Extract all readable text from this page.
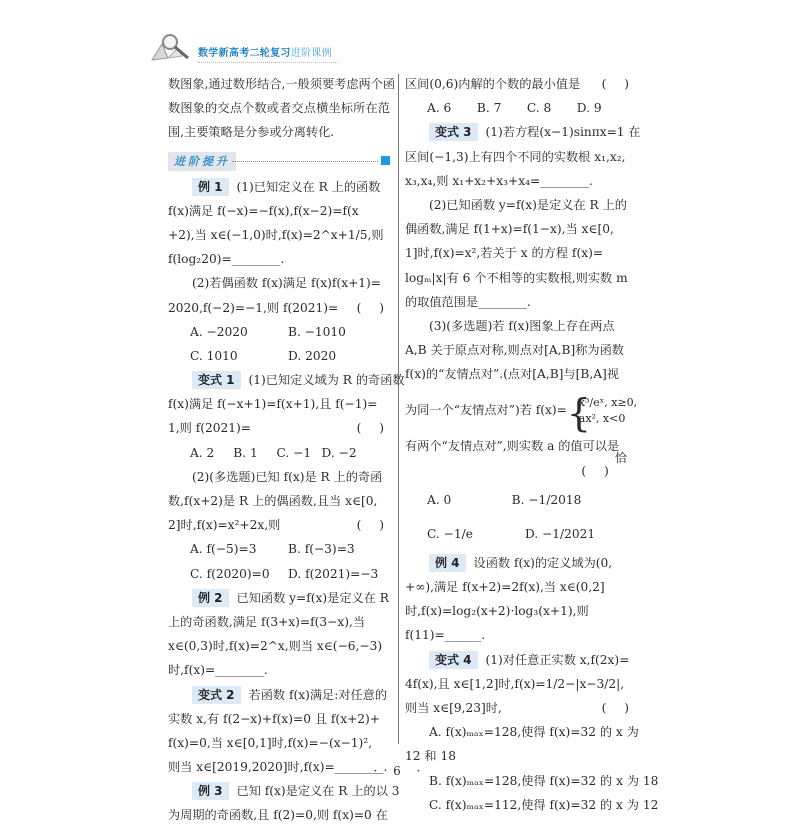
数学新高考二轮复习进阶课例
数图象,通过数形结合,一般须要考虑两个函
数图象的交点个数或者交点横坐标所在范
围,主要策略是分参或分离转化.
进阶提升
例 1 (1)已知定义在 R 上的函数
f(x)满足 f(−x)=−f(x),f(x−2)=f(x
+2),当 x∈(−1,0)时,f(x)=2^x+1/5,则
f(log₂20)=________.
(2)若偶函数 f(x)满足 f(x)f(x+1)=
2020,f(−2)=−1,则 f(2021)= ( )
A. −2020	B. −1010
C. 1010	D. 2020
变式 1 (1)已知定义域为 R 的奇函数
f(x)满足 f(−x+1)=f(x+1),且 f(−1)=
1,则 f(2021)=	( )
A. 2	B. 1	C. −1 D. −2
(2)(多选题)已知 f(x)是 R 上的奇函
数,f(x+2)是 R 上的偶函数,且当 x∈[0,
2]时,f(x)=x²+2x,则	( )
A. f(−5)=3	B. f(−3)=3
C. f(2020)=0	D. f(2021)=−3
例 2 已知函数 y=f(x)是定义在 R
上的奇函数,满足 f(3+x)=f(3−x),当
x∈(0,3)时,f(x)=2^x,则当 x∈(−6,−3)
时,f(x)=________.
变式 2 若函数 f(x)满足:对任意的
实数 x,有 f(2−x)+f(x)=0 且 f(x+2)+
f(x)=0,当 x∈[0,1]时,f(x)=−(x−1)²,
则当 x∈[2019,2020]时,f(x)=________.
例 3 已知 f(x)是定义在 R 上的以 3
为周期的奇函数,且 f(2)=0,则 f(x)=0 在
区间(0,6)内解的个数的最小值是 ( )
A. 6	B. 7	C. 8	D. 9
变式 3 (1)若方程(x−1)sinπx=1 在
区间(−1,3)上有四个不同的实数根 x₁,x₂,
x₃,x₄,则 x₁+x₂+x₃+x₄=________.
(2)已知函数 y=f(x)是定义在 R 上的
偶函数,满足 f(1+x)=f(1−x),当 x∈[0,
1]时,f(x)=x²,若关于 x 的方程 f(x)=
logₘ|x|有 6 个不相等的实数根,则实数 m
的取值范围是________.
(3)(多选题)若 f(x)图象上存在两点
A,B 关于原点对称,则点对[A,B]称为函数
f(x)的“友情点对”.(点对[A,B]与[B,A]视
为同一个“友情点对”)若 f(x)=
{ x³/eˣ, x≥0,
ax², x<0
恰
有两个“友情点对”,则实数 a 的值可以是
( )
A. 0	B. −1/2018
C. −1/e	D. −1/2021
例 4 设函数 f(x)的定义域为(0,
+∞),满足 f(x+2)=2f(x),当 x∈(0,2]
时,f(x)=log₂(x+2)·log₃(x+1),则
f(11)=______.
变式 4 (1)对任意正实数 x,f(2x)=
4f(x),且 x∈[1,2]时,f(x)=1/2−|x−3/2|,
则当 x∈[9,23]时,	( )
A. f(x)ₘₐₓ=128,使得 f(x)=32 的 x 为
12 和 18
B. f(x)ₘₐₓ=128,使得 f(x)=32 的 x 为 18
C. f(x)ₘₐₓ=112,使得 f(x)=32 的 x 为 12
· 6 ·
